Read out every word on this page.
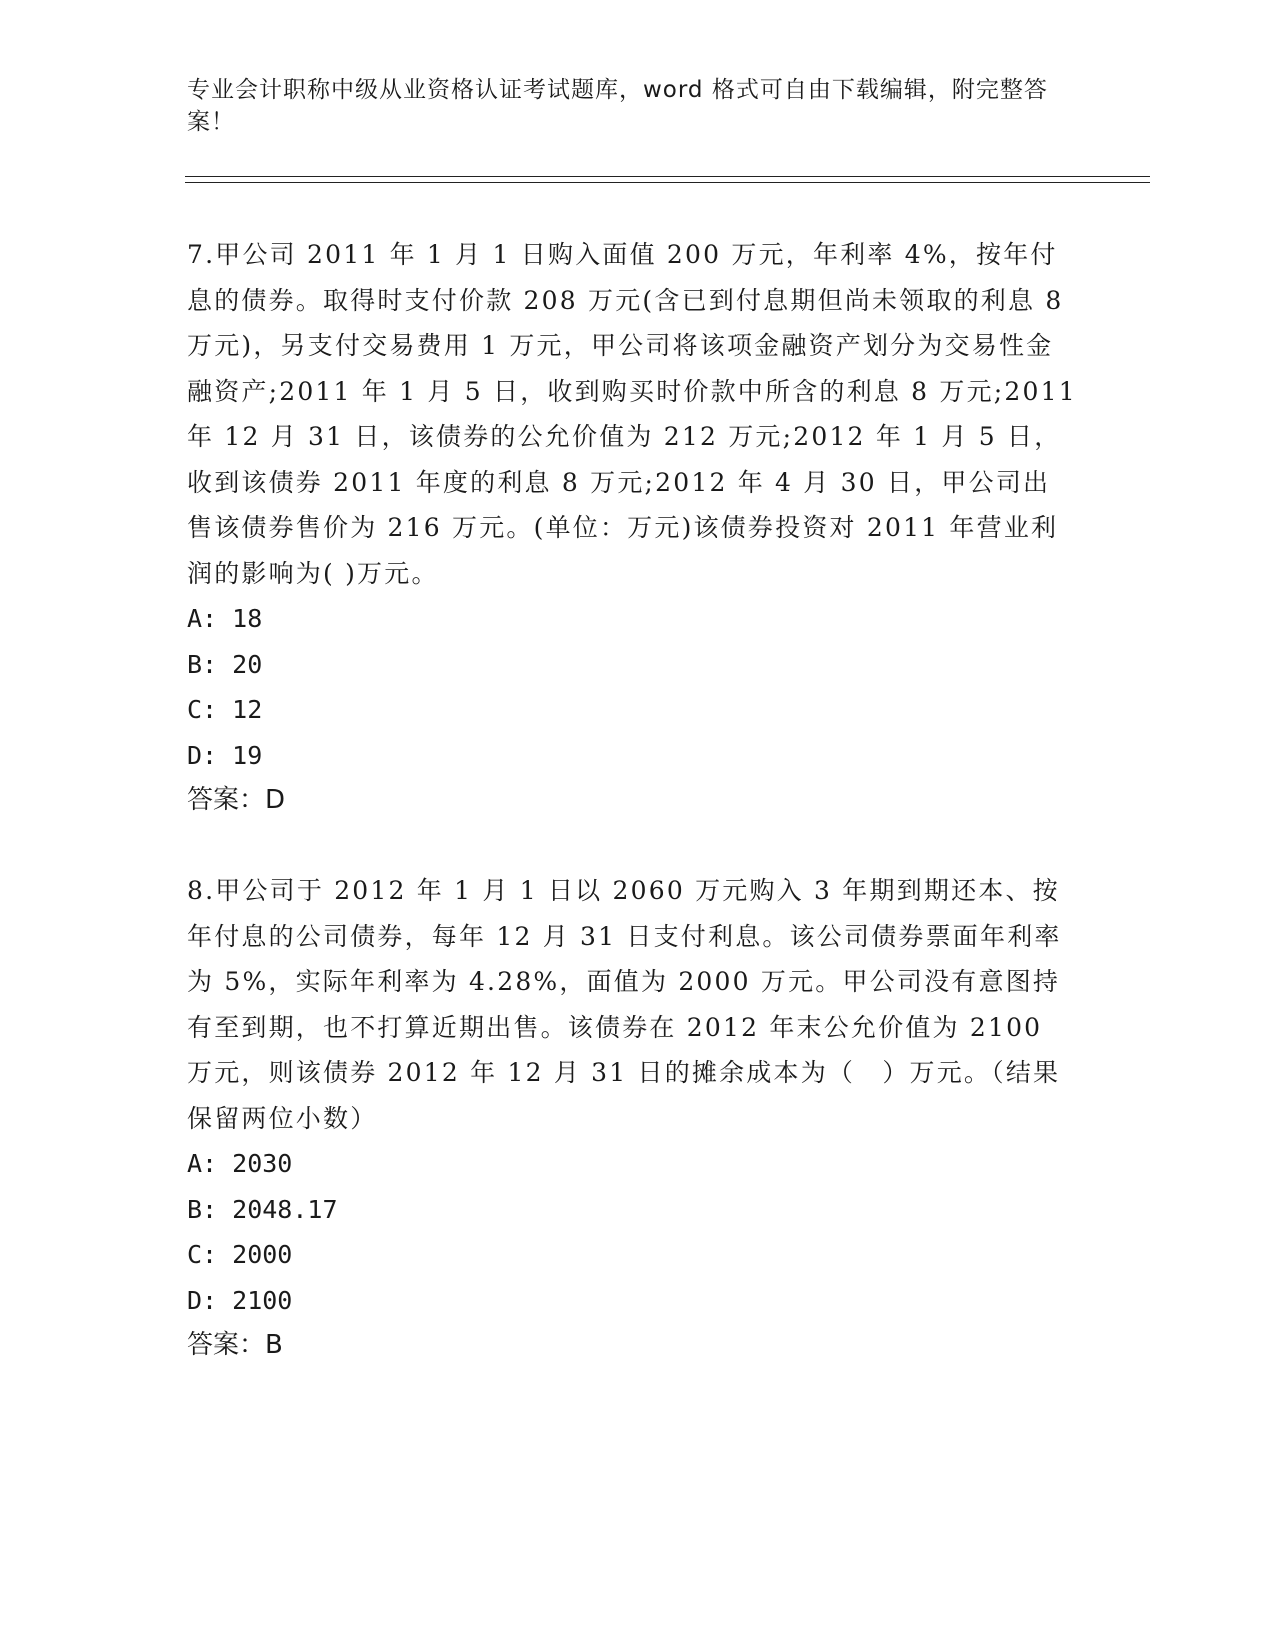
专业会计职称中级从业资格认证考试题库，word 格式可自由下载编辑，附完整答案！

7.甲公司 2011 年 1 月 1 日购入面值 200 万元，年利率 4%，按年付息的债券。取得时支付价款 208 万元(含已到付息期但尚未领取的利息 8 万元)，另支付交易费用 1 万元，甲公司将该项金融资产划分为交易性金融资产;2011 年 1 月 5 日，收到购买时价款中所含的利息 8 万元;2011 年 12 月 31 日，该债券的公允价值为 212 万元;2012 年 1 月 5 日，收到该债券 2011 年度的利息 8 万元;2012 年 4 月 30 日，甲公司出售该债券售价为 216 万元。(单位：万元)该债券投资对 2011 年营业利润的影响为( )万元。

A: 18

B: 20

C: 12

D: 19

答案：D

8.甲公司于 2012 年 1 月 1 日以 2060 万元购入 3 年期到期还本、按年付息的公司债券，每年 12 月 31 日支付利息。该公司债券票面年利率为 5%，实际年利率为 4.28%，面值为 2000 万元。甲公司没有意图持有至到期，也不打算近期出售。该债券在 2012 年末公允价值为 2100 万元，则该债券 2012 年 12 月 31 日的摊余成本为（　）万元。（结果保留两位小数）

A: 2030

B: 2048.17

C: 2000

D: 2100

答案：B
